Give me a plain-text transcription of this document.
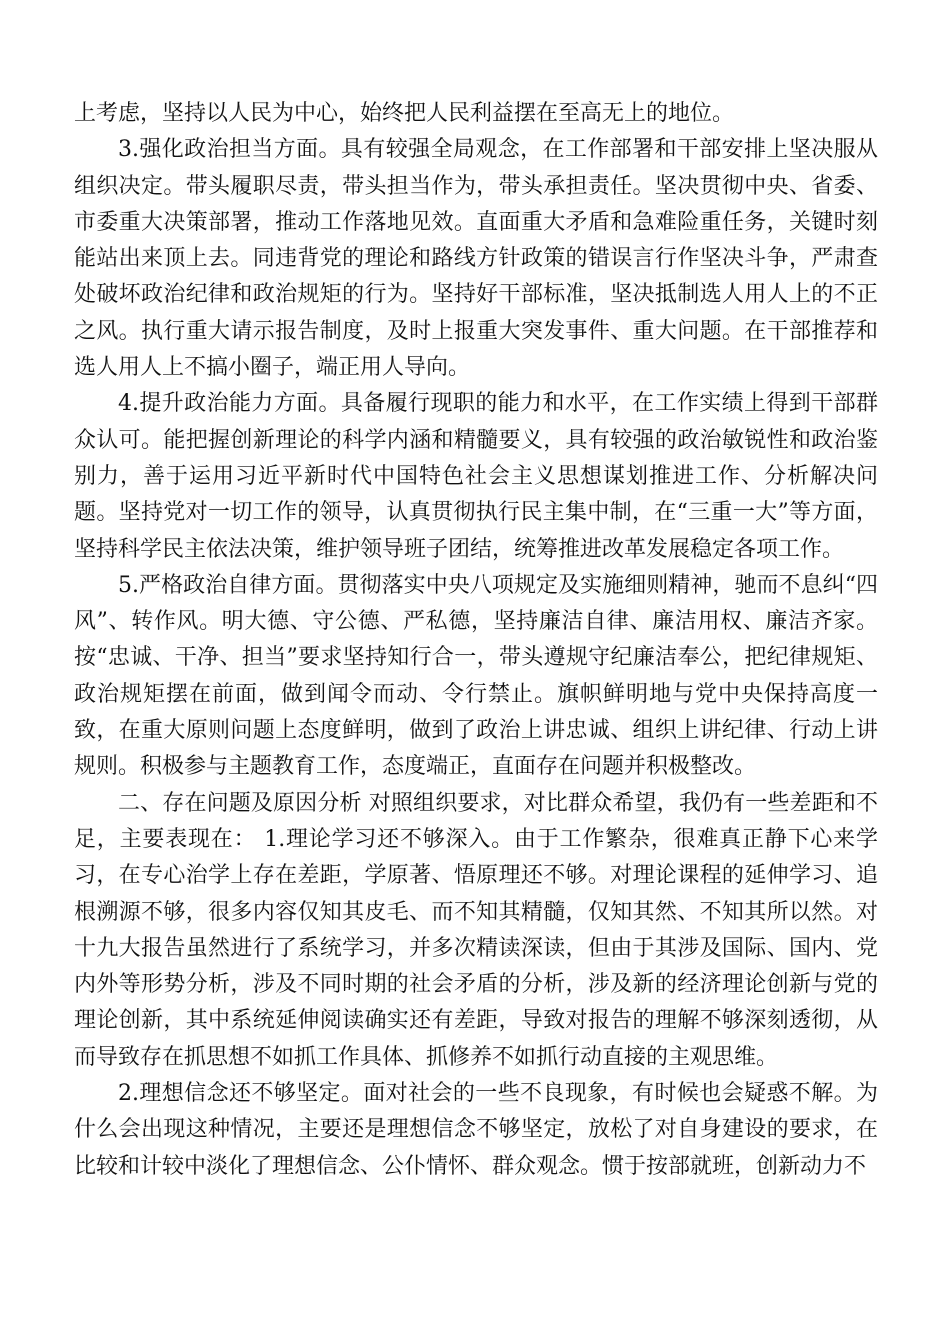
上考虑，坚持以人民为中心，始终把人民利益摆在至高无上的地位。

3.强化政治担当方面。具有较强全局观念，在工作部署和干部安排上坚决服从组织决定。带头履职尽责，带头担当作为，带头承担责任。坚决贯彻中央、省委、市委重大决策部署，推动工作落地见效。直面重大矛盾和急难险重任务，关键时刻能站出来顶上去。同违背党的理论和路线方针政策的错误言行作坚决斗争，严肃查处破坏政治纪律和政治规矩的行为。坚持好干部标准，坚决抵制选人用人上的不正之风。执行重大请示报告制度，及时上报重大突发事件、重大问题。在干部推荐和选人用人上不搞小圈子，端正用人导向。

4.提升政治能力方面。具备履行现职的能力和水平，在工作实绩上得到干部群众认可。能把握创新理论的科学内涵和精髓要义，具有较强的政治敏锐性和政治鉴别力，善于运用习近平新时代中国特色社会主义思想谋划推进工作、分析解决问题。坚持党对一切工作的领导，认真贯彻执行民主集中制，在“三重一大”等方面，坚持科学民主依法决策，维护领导班子团结，统筹推进改革发展稳定各项工作。

5.严格政治自律方面。贯彻落实中央八项规定及实施细则精神，驰而不息纠“四风”、转作风。明大德、守公德、严私德，坚持廉洁自律、廉洁用权、廉洁齐家。按“忠诚、干净、担当”要求坚持知行合一，带头遵规守纪廉洁奉公，把纪律规矩、政治规矩摆在前面，做到闻令而动、令行禁止。旗帜鲜明地与党中央保持高度一致，在重大原则问题上态度鲜明，做到了政治上讲忠诚、组织上讲纪律、行动上讲规则。积极参与主题教育工作，态度端正，直面存在问题并积极整改。

二、存在问题及原因分析 对照组织要求，对比群众希望，我仍有一些差距和不足，主要表现在： 1.理论学习还不够深入。由于工作繁杂，很难真正静下心来学习，在专心治学上存在差距，学原著、悟原理还不够。对理论课程的延伸学习、追根溯源不够，很多内容仅知其皮毛、而不知其精髓，仅知其然、不知其所以然。对十九大报告虽然进行了系统学习，并多次精读深读，但由于其涉及国际、国内、党内外等形势分析，涉及不同时期的社会矛盾的分析，涉及新的经济理论创新与党的理论创新，其中系统延伸阅读确实还有差距，导致对报告的理解不够深刻透彻，从而导致存在抓思想不如抓工作具体、抓修养不如抓行动直接的主观思维。

2.理想信念还不够坚定。面对社会的一些不良现象，有时候也会疑惑不解。为什么会出现这种情况，主要还是理想信念不够坚定，放松了对自身建设的要求，在比较和计较中淡化了理想信念、公仆情怀、群众观念。惯于按部就班，创新动力不
